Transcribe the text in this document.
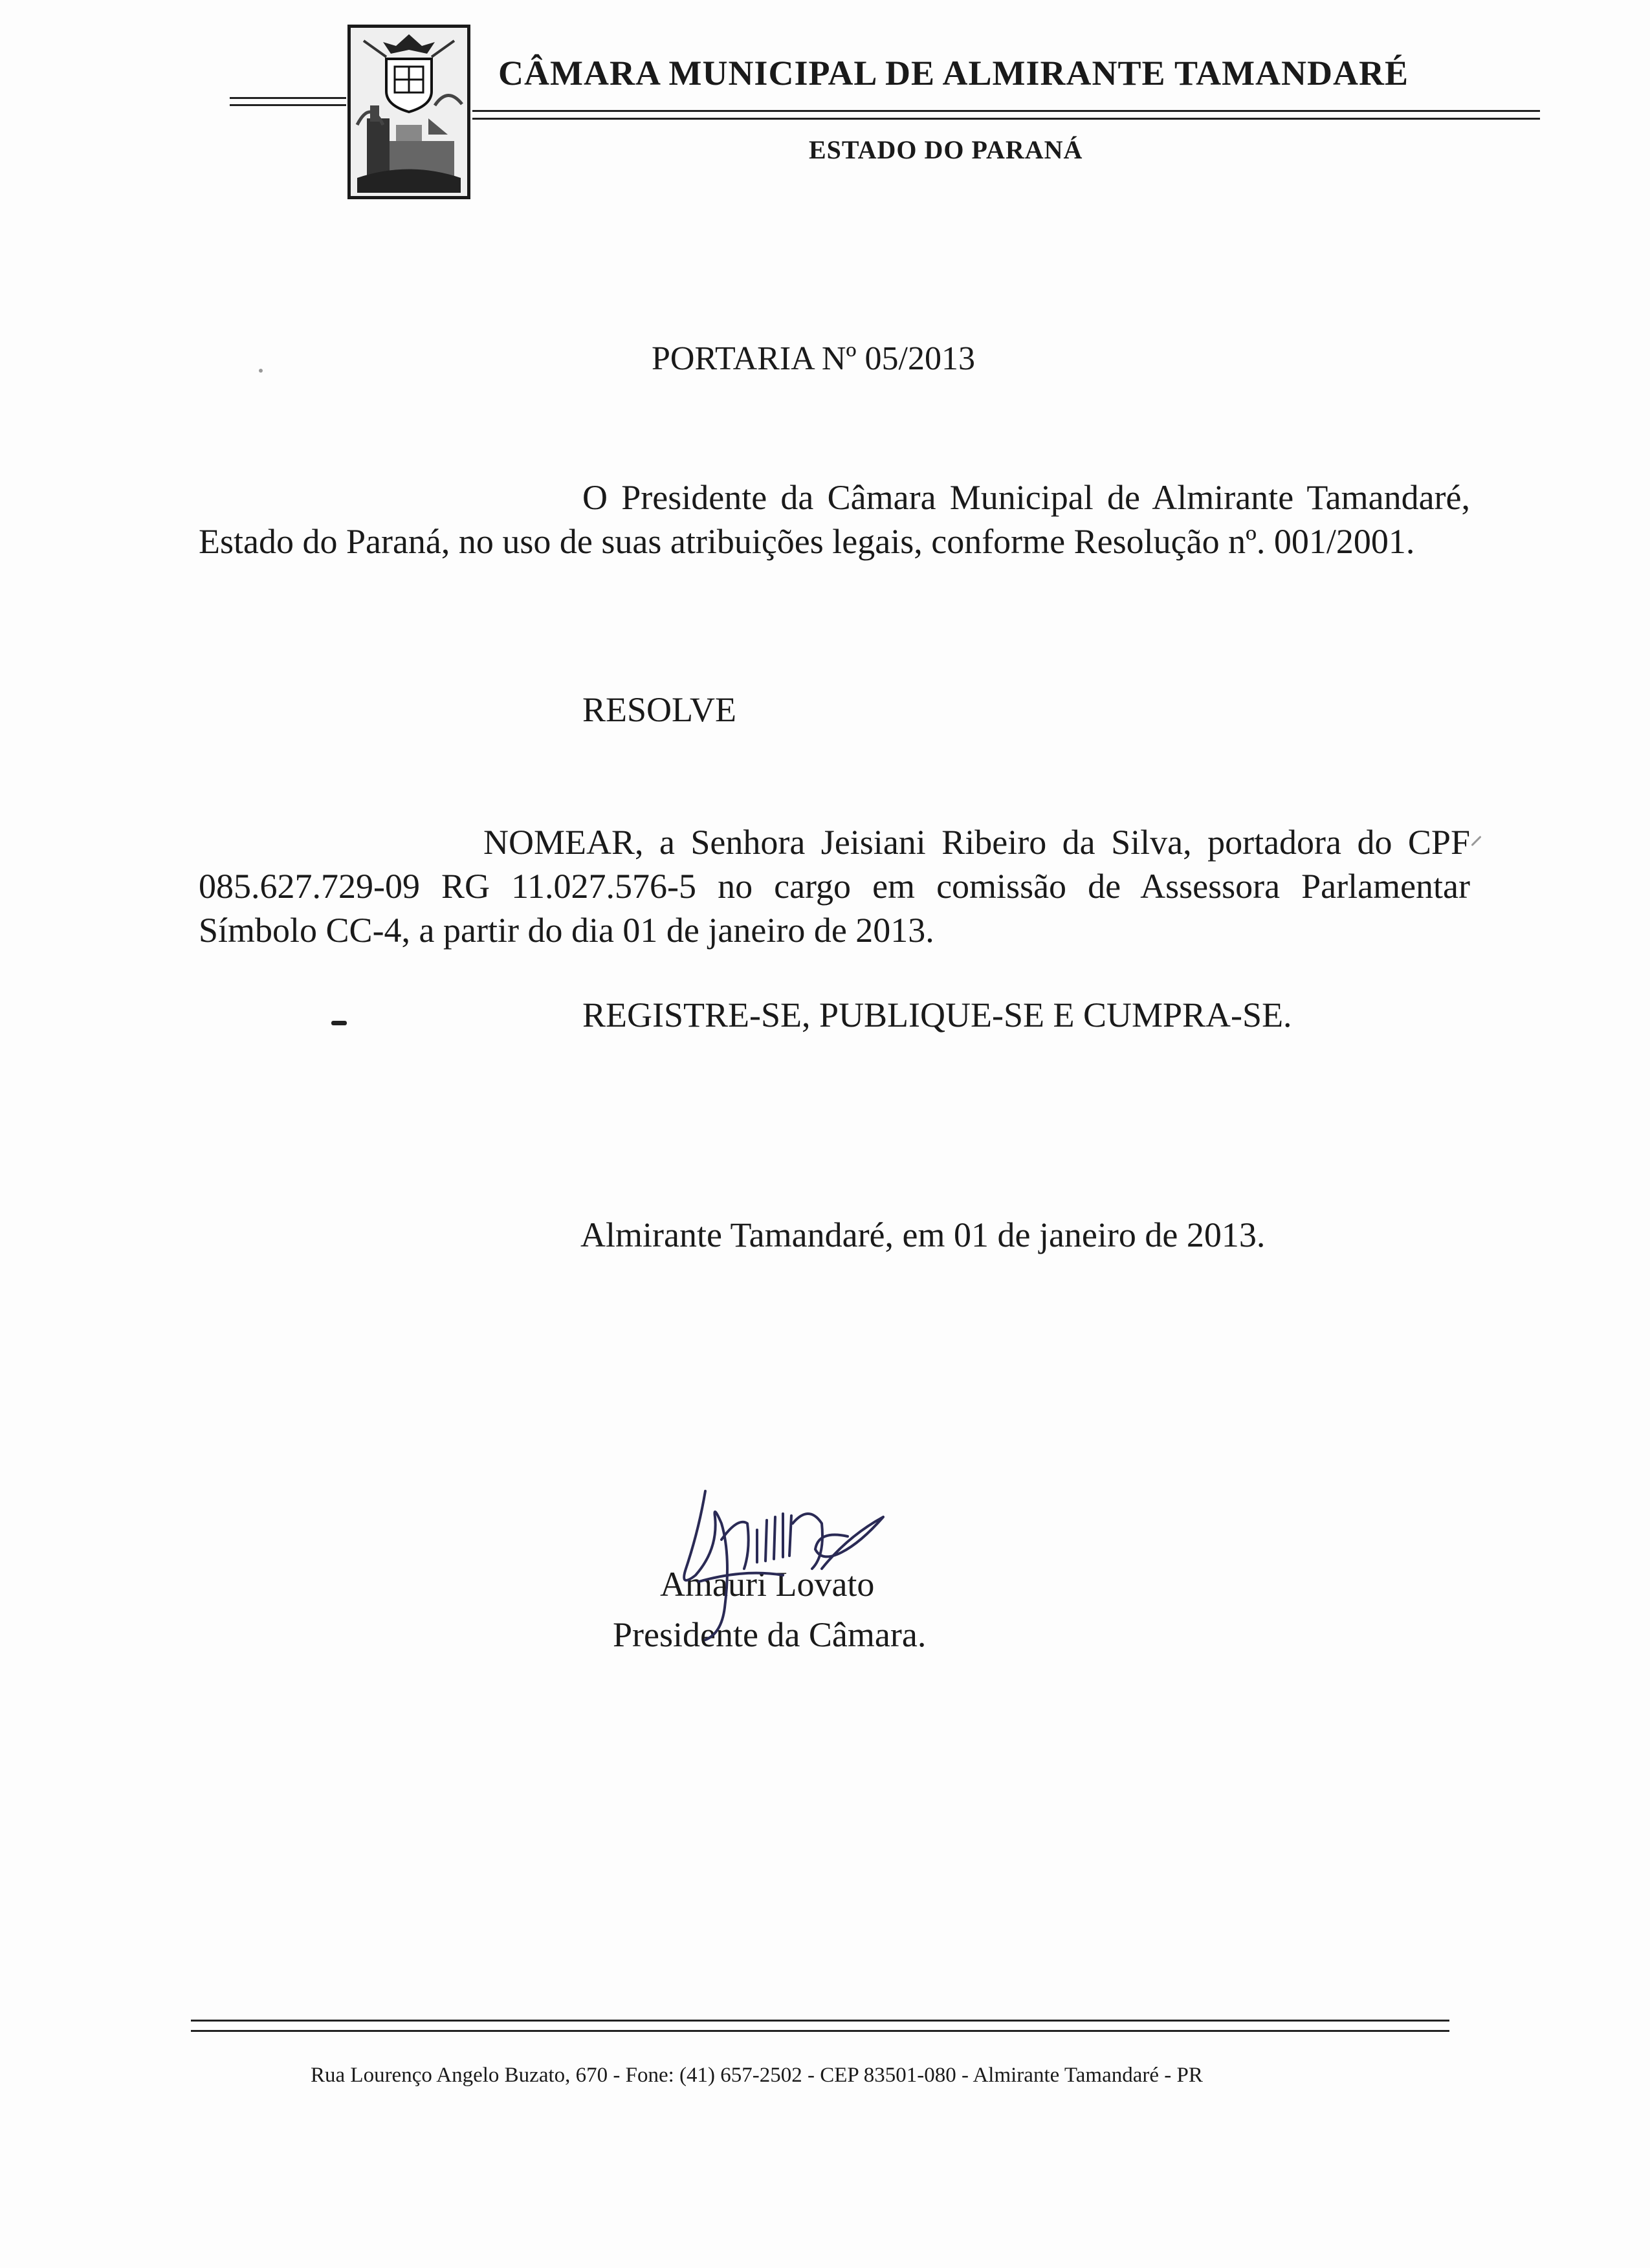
CÂMARA MUNICIPAL DE ALMIRANTE TAMANDARÉ
ESTADO DO PARANÁ
PORTARIA Nº 05/2013
O Presidente da Câmara Municipal de Almirante Tamandaré, Estado do Paraná, no uso de suas atribuições legais, conforme Resolução nº. 001/2001.
RESOLVE
NOMEAR, a Senhora Jeisiani Ribeiro da Silva, portadora do CPF 085.627.729-09 RG 11.027.576-5 no cargo em comissão de Assessora Parlamentar Símbolo CC-4, a partir do dia 01 de janeiro de 2013.
REGISTRE-SE, PUBLIQUE-SE E CUMPRA-SE.
Almirante Tamandaré, em 01 de janeiro de 2013.
Amauri Lovato
Presidente da Câmara.
Rua Lourenço Angelo Buzato, 670 - Fone: (41) 657-2502 - CEP 83501-080 - Almirante Tamandaré - PR
